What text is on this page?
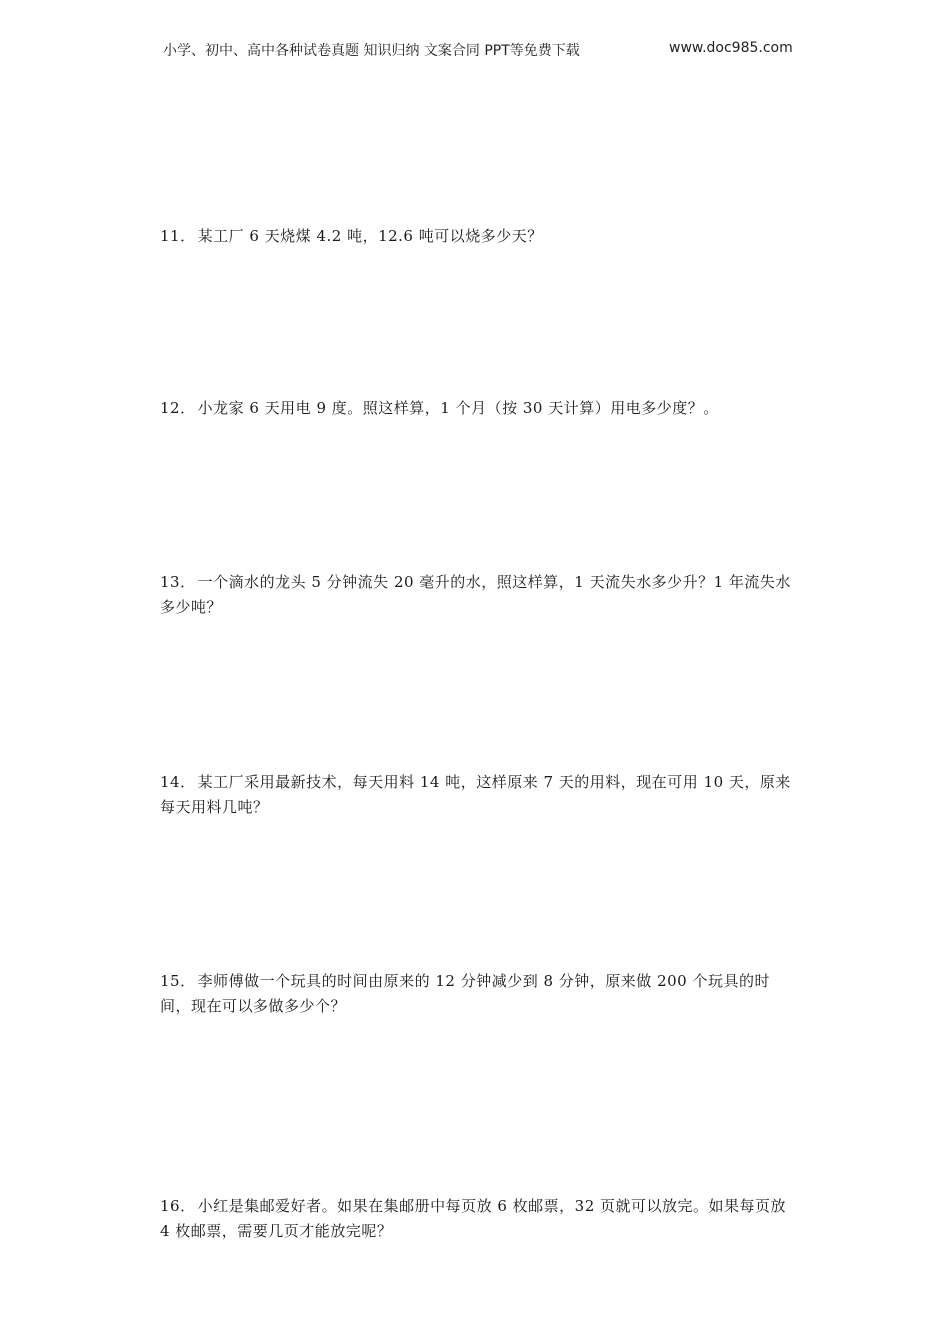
小学、初中、高中各种试卷真题 知识归纳 文案合同 PPT等免费下载	www.doc985.com
11． 某工厂 6 天烧煤 4.2 吨，12.6 吨可以烧多少天？
12． 小龙家 6 天用电 9 度。照这样算，1 个月（按 30 天计算）用电多少度？。
13． 一个滴水的龙头 5 分钟流失 20 毫升的水，照这样算，1 天流失水多少升？1 年流失水多少吨？
14． 某工厂采用最新技术，每天用料 14 吨，这样原来 7 天的用料，现在可用 10 天，原来每天用料几吨？
15． 李师傅做一个玩具的时间由原来的 12 分钟减少到 8 分钟，原来做 200 个玩具的时间，现在可以多做多少个？
16． 小红是集邮爱好者。如果在集邮册中每页放 6 枚邮票，32 页就可以放完。如果每页放 4 枚邮票，需要几页才能放完呢？
